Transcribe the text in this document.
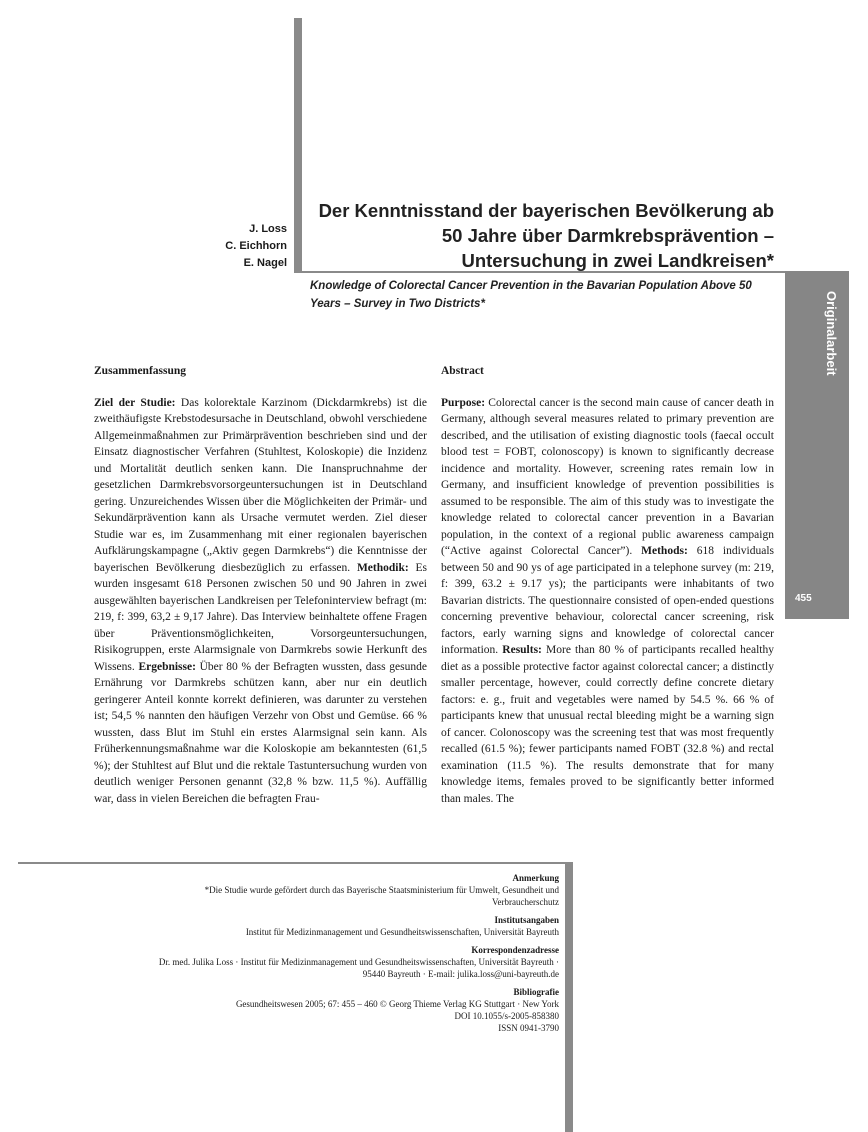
Originalarbeit
455
J. Loss
C. Eichhorn
E. Nagel
Der Kenntnisstand der bayerischen Bevölkerung ab 50 Jahre über Darmkrebsprävention – Untersuchung in zwei Landkreisen*
Knowledge of Colorectal Cancer Prevention in the Bavarian Population Above 50 Years – Survey in Two Districts*
Zusammenfassung

Ziel der Studie: Das kolorektale Karzinom (Dickdarmkrebs) ist die zweithäufigste Krebstodesursache in Deutschland, obwohl verschiedene Allgemeinmaßnahmen zur Primärprävention beschrieben sind und der Einsatz diagnostischer Verfahren (Stuhltest, Koloskopie) die Inzidenz und Mortalität deutlich senken kann. Die Inanspruchnahme der gesetzlichen Darmkrebsvorsorgeuntersuchungen ist in Deutschland gering. Unzureichendes Wissen über die Möglichkeiten der Primär- und Sekundärprävention kann als Ursache vermutet werden. Ziel dieser Studie war es, im Zusammenhang mit einer regionalen bayerischen Aufklärungskampagne („Aktiv gegen Darmkrebs“) die Kenntnisse der bayerischen Bevölkerung diesbezüglich zu erfassen. Methodik: Es wurden insgesamt 618 Personen zwischen 50 und 90 Jahren in zwei ausgewählten bayerischen Landkreisen per Telefoninterview befragt (m: 219, f: 399, 63,2 ± 9,17 Jahre). Das Interview beinhaltete offene Fragen über Präventionsmöglichkeiten, Vorsorgeuntersuchungen, Risikogruppen, erste Alarmsignale von Darmkrebs sowie Herkunft des Wissens. Ergebnisse: Über 80 % der Befragten wussten, dass gesunde Ernährung vor Darmkrebs schützen kann, aber nur ein deutlich geringerer Anteil konnte korrekt definieren, was darunter zu verstehen ist; 54,5 % nannten den häufigen Verzehr von Obst und Gemüse. 66 % wussten, dass Blut im Stuhl ein erstes Alarmsignal sein kann. Als Früherkennungsmaßnahme war die Koloskopie am bekanntesten (61,5 %); der Stuhltest auf Blut und die rektale Tastuntersuchung wurden von deutlich weniger Personen genannt (32,8 % bzw. 11,5 %). Auffällig war, dass in vielen Bereichen die befragten Frau-

Abstract

Purpose: Colorectal cancer is the second main cause of cancer death in Germany, although several measures related to primary prevention are described, and the utilisation of existing diagnostic tools (faecal occult blood test = FOBT, colonoscopy) is known to significantly decrease incidence and mortality. However, screening rates remain low in Germany, and insufficient knowledge of prevention possibilities is assumed to be responsible. The aim of this study was to investigate the knowledge related to colorectal cancer prevention in a Bavarian population, in the context of a regional public awareness campaign (“Active against Colorectal Cancer”). Methods: 618 individuals between 50 and 90 ys of age participated in a telephone survey (m: 219, f: 399, 63.2 ± 9.17 ys); the participants were inhabitants of two Bavarian districts. The questionnaire consisted of open-ended questions concerning preventive behaviour, colorectal cancer screening, risk factors, early warning signs and knowledge of colorectal cancer information. Results: More than 80 % of participants recalled healthy diet as a possible protective factor against colorectal cancer; a distinctly smaller percentage, however, could correctly define concrete dietary factors: e. g., fruit and vegetables were named by 54.5 %. 66 % of participants knew that unusual rectal bleeding might be a warning sign of cancer. Colonoscopy was the screening test that was most frequently recalled (61.5 %); fewer participants named FOBT (32.8 %) and rectal examination (11.5 %). The results demonstrate that for many knowledge items, females proved to be significantly better informed than males. The

Anmerkung
*Die Studie wurde gefördert durch das Bayerische Staatsministerium für Umwelt, Gesundheit und
Verbraucherschutz
Institutsangaben
Institut für Medizinmanagement und Gesundheitswissenschaften, Universität Bayreuth
Korrespondenzadresse
Dr. med. Julika Loss · Institut für Medizinmanagement und Gesundheitswissenschaften, Universität Bayreuth ·
95440 Bayreuth · E-mail: julika.loss@uni-bayreuth.de
Bibliografie
Gesundheitswesen 2005; 67: 455 – 460 © Georg Thieme Verlag KG Stuttgart · New York
DOI 10.1055/s-2005-858380
ISSN 0941-3790
